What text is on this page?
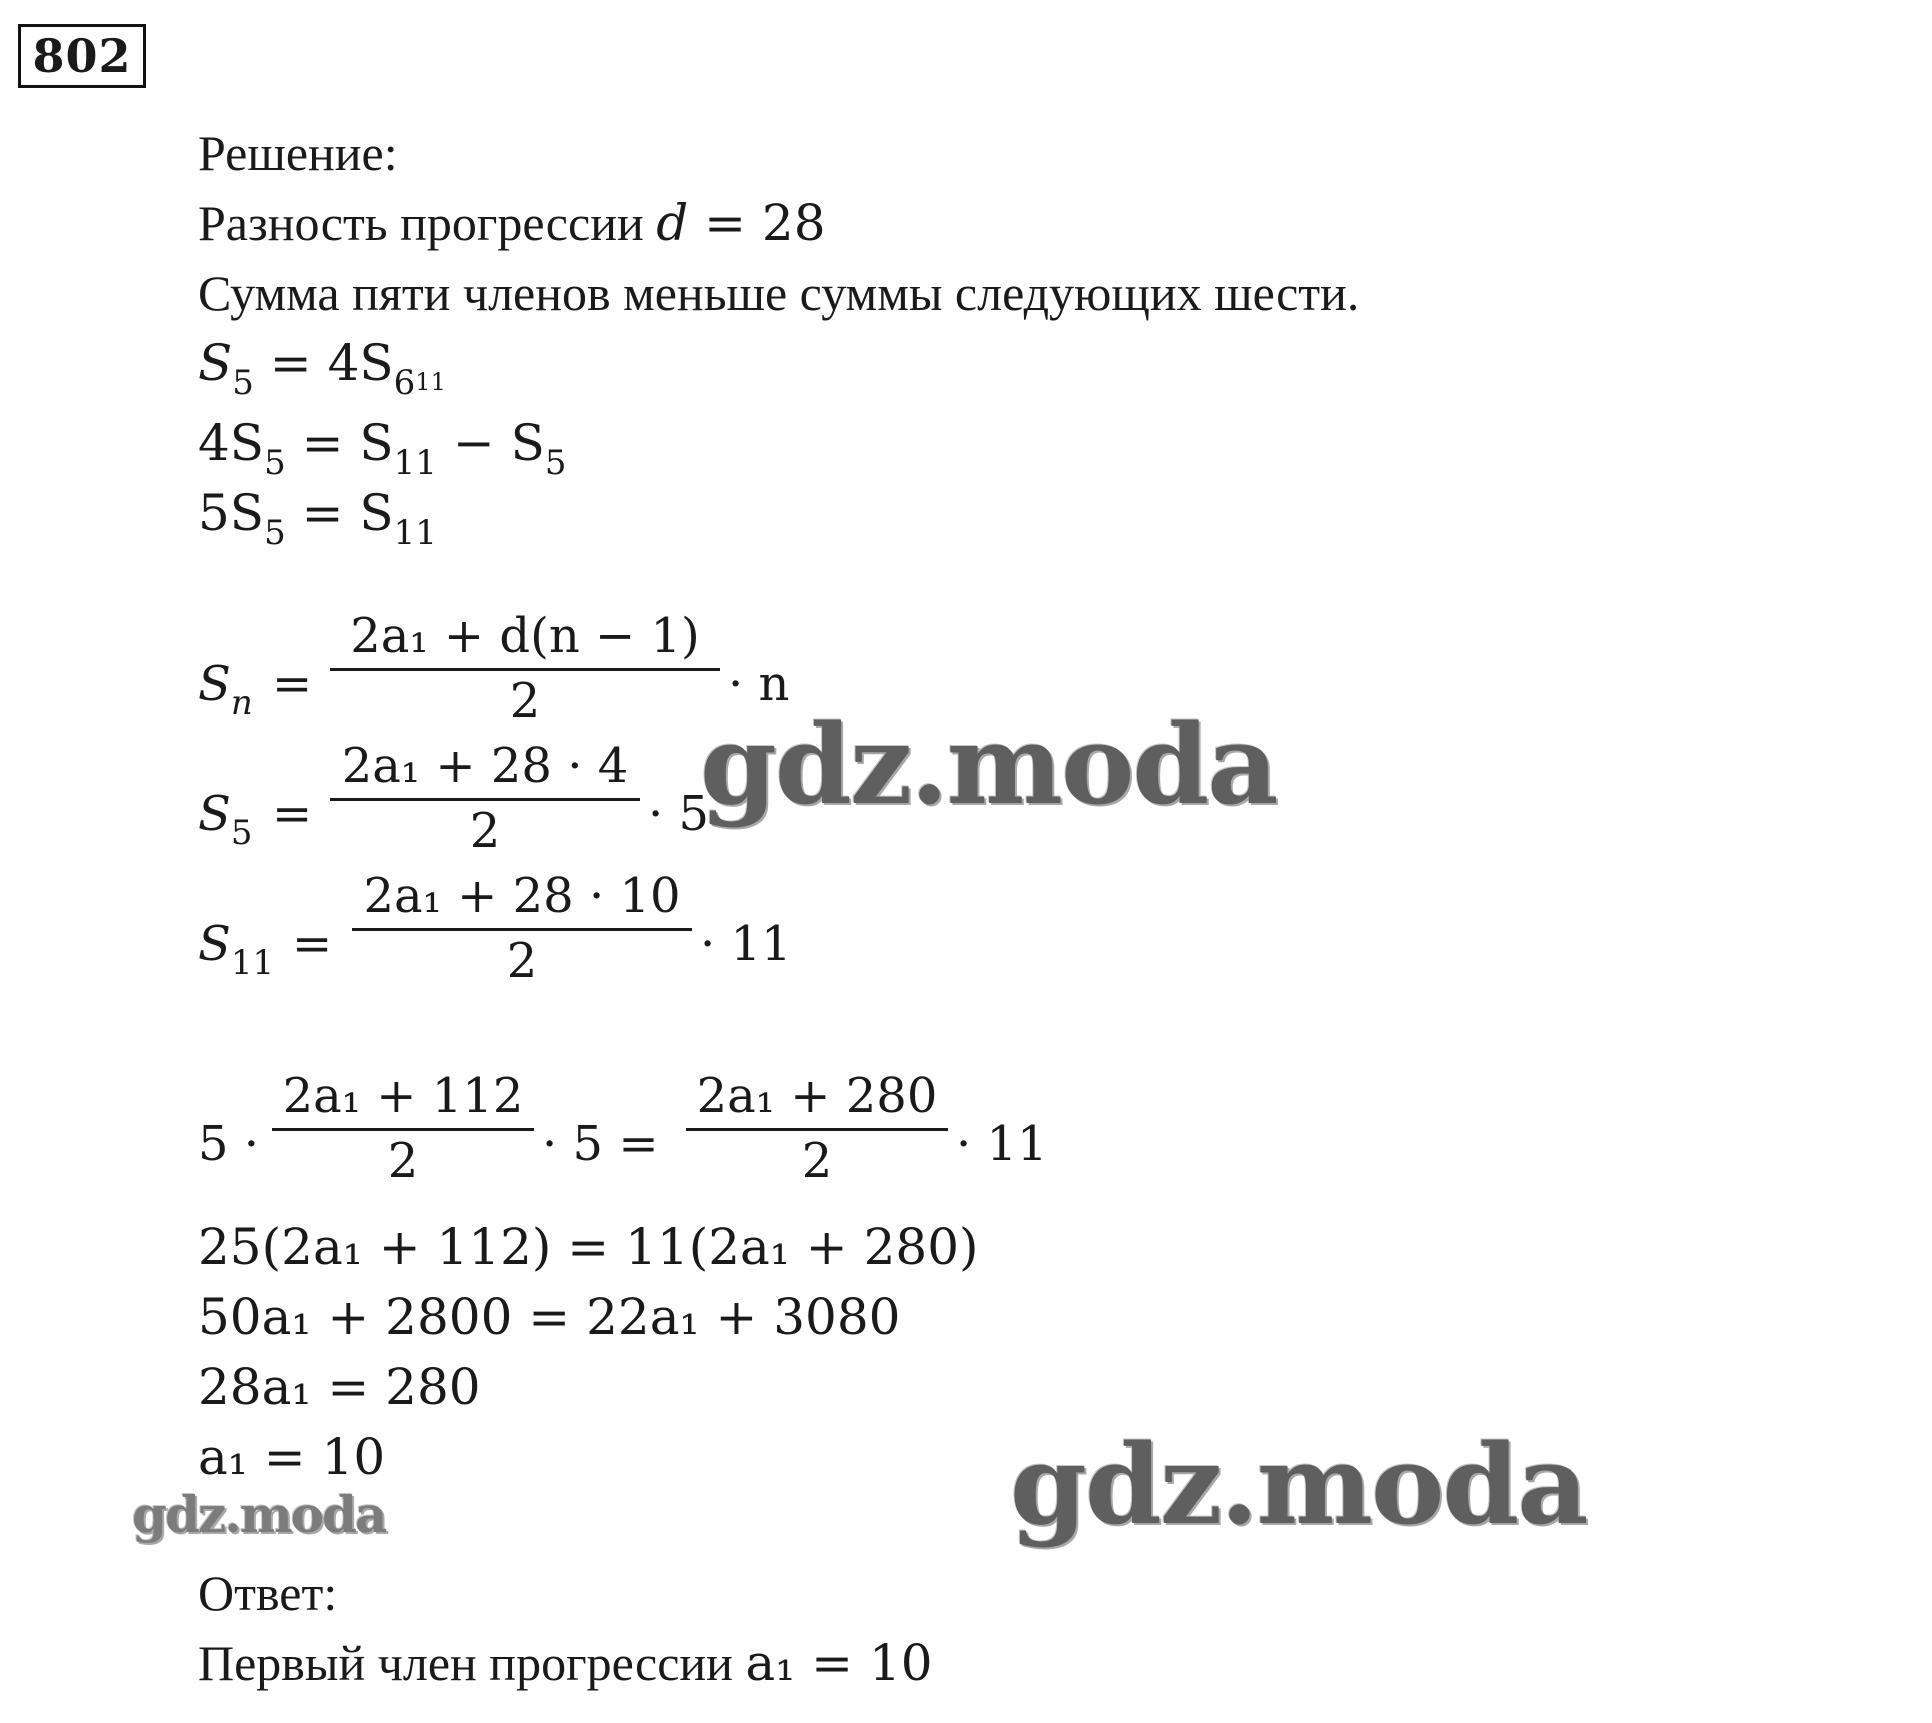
802
Решение:
Разность прогрессии d = 28
Сумма пяти членов меньше суммы следующих шести.
$S_5 = 4S_{611}$
$4S_5 = S_{11} - S_5$
$5S_5 = S_{11}$
$S_n$ =
2a₁ + d(n − 1)
2	· n
$S_5$ =
2a₁ + 28 · 4
2	· 5
$S_{11}$ =
2a₁ + 28 · 10
2	· 11
5 ·
2a₁ + 112
2	· 5 =
2a₁ + 280
2	· 11
25(2a₁ + 112) = 11(2a₁ + 280)
50a₁ + 2800 = 22a₁ + 3080
28a₁ = 280
a₁ = 10
Ответ:
Первый член прогрессии a₁ = 10
gdz.moda
gdz.moda
gdz.moda
